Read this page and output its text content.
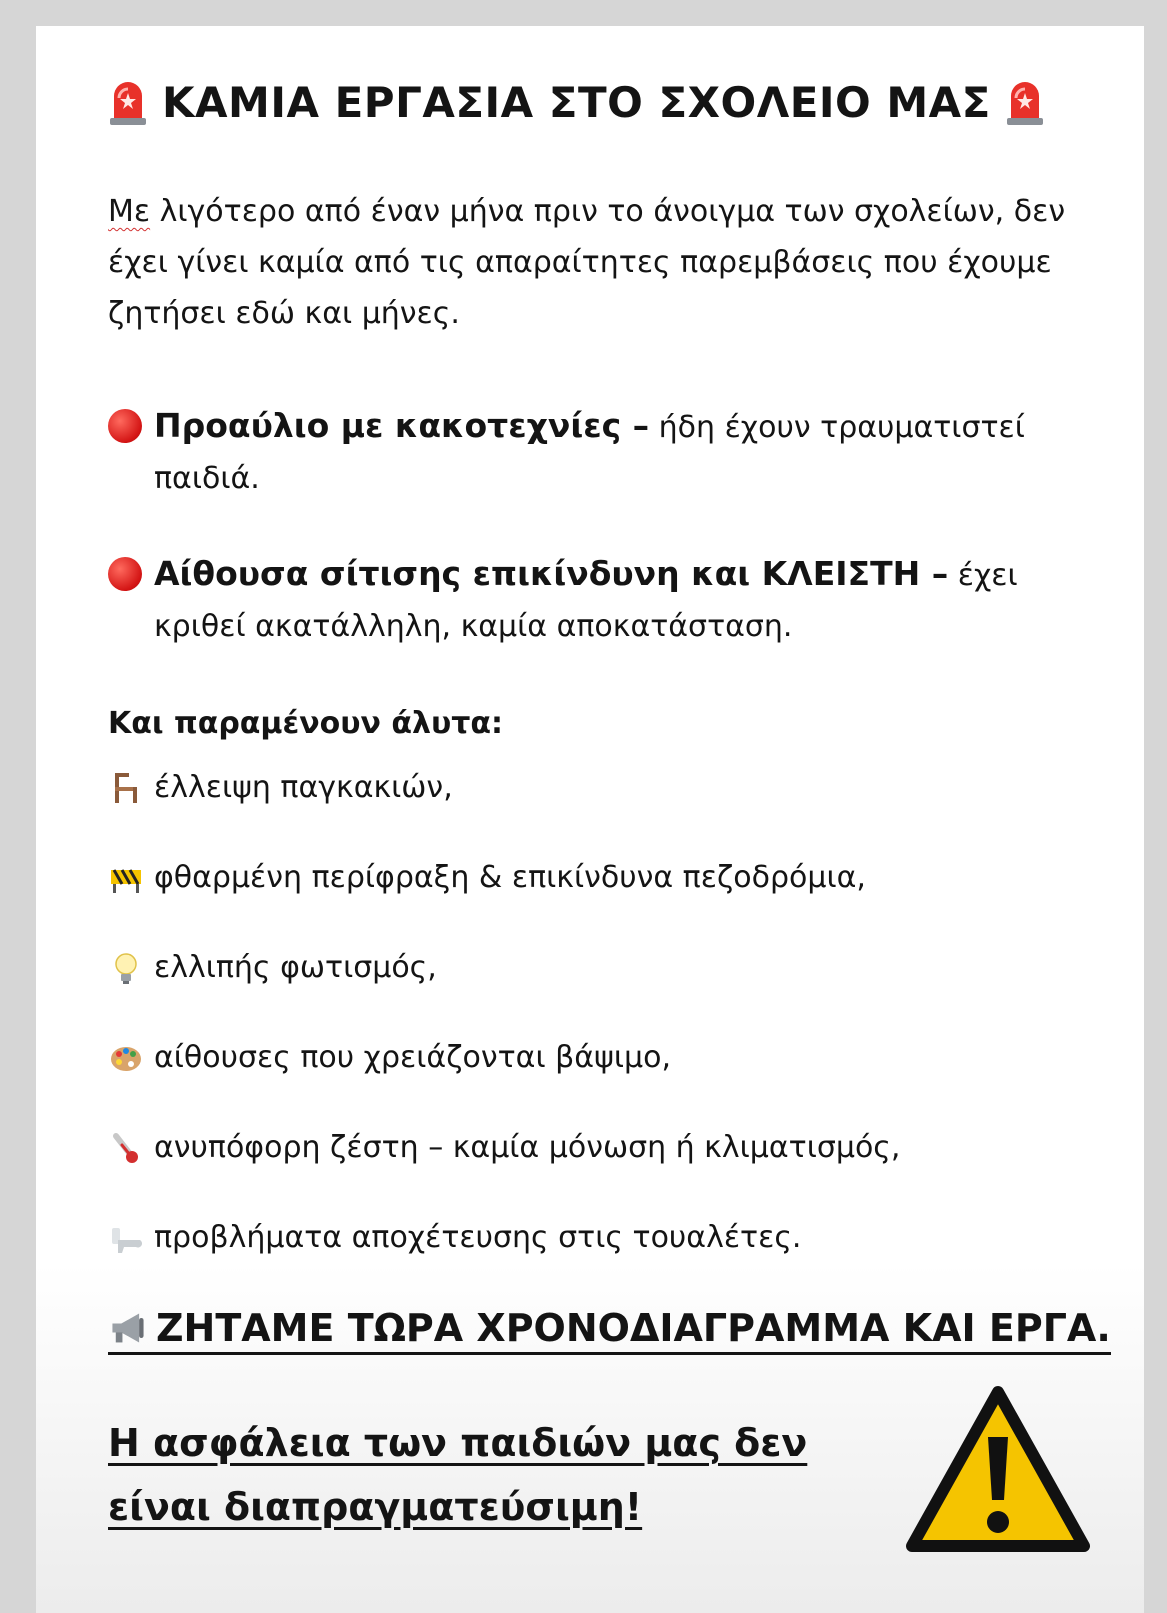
ΚΑΜΙΑ ΕΡΓΑΣΙΑ ΣΤΟ ΣΧΟΛΕΙΟ ΜΑΣ
Με λιγότερο από έναν μήνα πριν το άνοιγμα των σχολείων, δεν έχει γίνει καμία από τις απαραίτητες παρεμβάσεις που έχουμε ζητήσει εδώ και μήνες.
Προαύλιο με κακοτεχνίες – ήδη έχουν τραυματιστεί παιδιά.
Αίθουσα σίτισης επικίνδυνη και ΚΛΕΙΣΤΗ – έχει κριθεί ακατάλληλη, καμία αποκατάσταση.
Και παραμένουν άλυτα:
έλλειψη παγκακιών,
φθαρμένη περίφραξη & επικίνδυνα πεζοδρόμια,
ελλιπής φωτισμός,
αίθουσες που χρειάζονται βάψιμο,
ανυπόφορη ζέστη – καμία μόνωση ή κλιματισμός,
προβλήματα αποχέτευσης στις τουαλέτες.
ΖΗΤΑΜΕ ΤΩΡΑ ΧΡΟΝΟΔΙΑΓΡΑΜΜΑ ΚΑΙ ΕΡΓΑ.
Η ασφάλεια των παιδιών μας δεν είναι διαπραγματεύσιμη!
